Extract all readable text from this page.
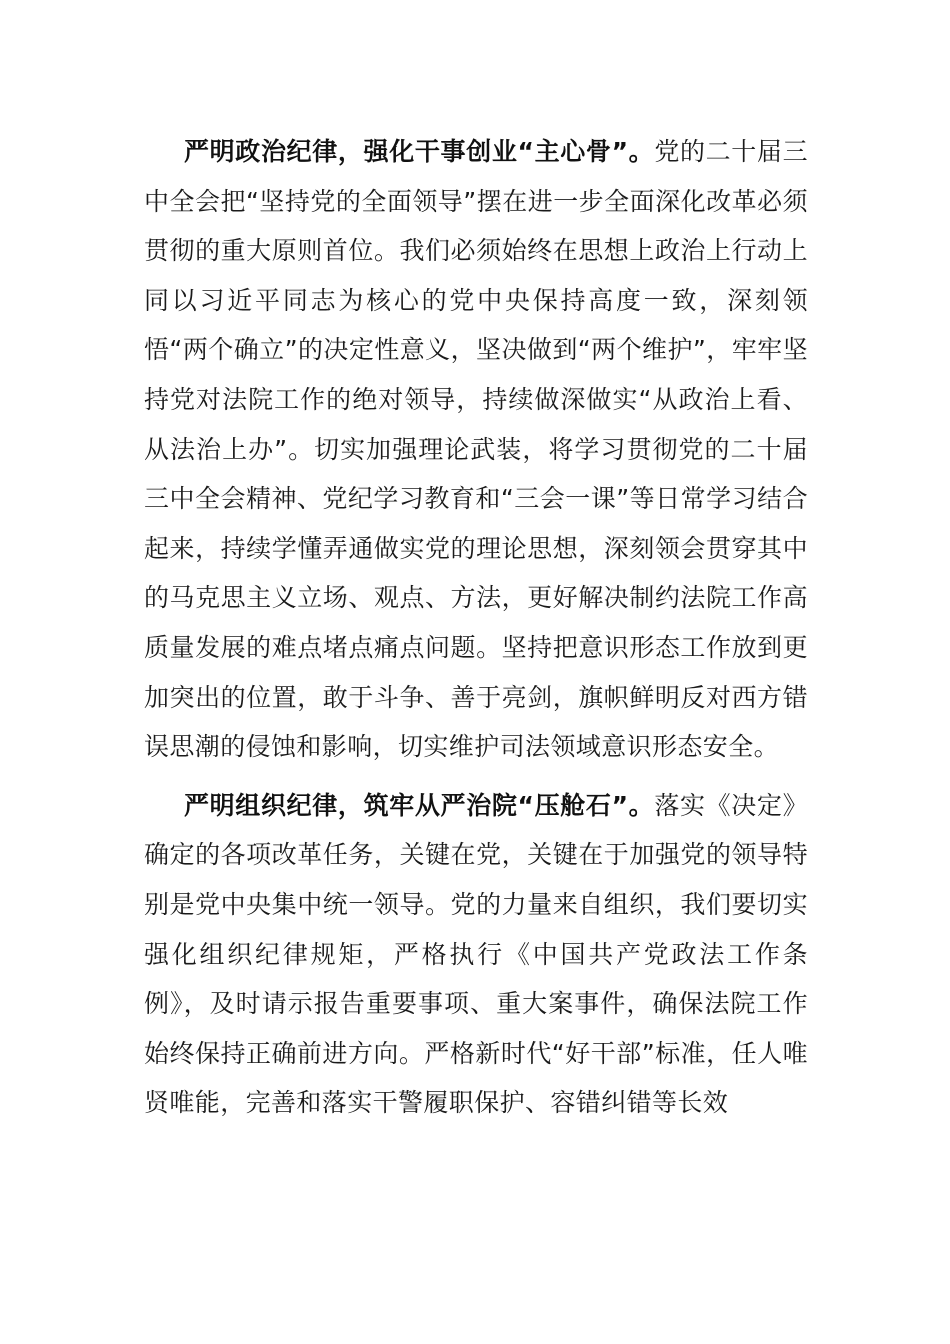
严明政治纪律，强化干事创业“主心骨”。党的二十届三中全会把“坚持党的全面领导”摆在进一步全面深化改革必须贯彻的重大原则首位。我们必须始终在思想上政治上行动上同以习近平同志为核心的党中央保持高度一致，深刻领悟“两个确立”的决定性意义，坚决做到“两个维护”，牢牢坚持党对法院工作的绝对领导，持续做深做实“从政治上看、从法治上办”。切实加强理论武装，将学习贯彻党的二十届三中全会精神、党纪学习教育和“三会一课”等日常学习结合起来，持续学懂弄通做实党的理论思想，深刻领会贯穿其中的马克思主义立场、观点、方法，更好解决制约法院工作高质量发展的难点堵点痛点问题。坚持把意识形态工作放到更加突出的位置，敢于斗争、善于亮剑，旗帜鲜明反对西方错误思潮的侵蚀和影响，切实维护司法领域意识形态安全。

严明组织纪律，筑牢从严治院“压舱石”。落实《决定》确定的各项改革任务，关键在党，关键在于加强党的领导特别是党中央集中统一领导。党的力量来自组织，我们要切实强化组织纪律规矩，严格执行《中国共产党政法工作条例》，及时请示报告重要事项、重大案事件，确保法院工作始终保持正确前进方向。严格新时代“好干部”标准，任人唯贤唯能，完善和落实干警履职保护、容错纠错等长效
